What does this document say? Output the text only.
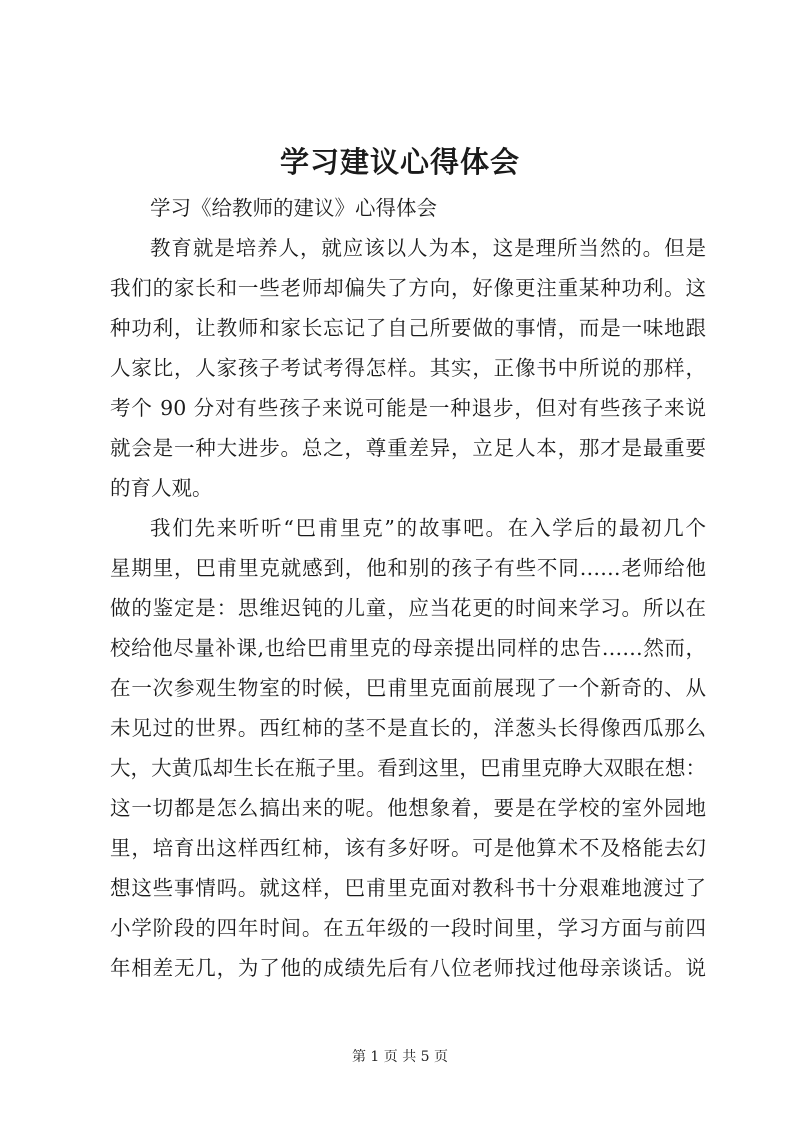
学习建议心得体会
学习《给教师的建议》心得体会
教育就是培养人，就应该以人为本，这是理所当然的。但是
我们的家长和一些老师却偏失了方向，好像更注重某种功利。这
种功利，让教师和家长忘记了自己所要做的事情，而是一味地跟
人家比，人家孩子考试考得怎样。其实，正像书中所说的那样，
考个 90 分对有些孩子来说可能是一种退步，但对有些孩子来说
就会是一种大进步。总之，尊重差异，立足人本，那才是最重要
的育人观。
我们先来听听“巴甫里克”的故事吧。在入学后的最初几个
星期里，巴甫里克就感到，他和别的孩子有些不同……老师给他
做的鉴定是：思维迟钝的儿童，应当花更的时间来学习。所以在
校给他尽量补课,也给巴甫里克的母亲提出同样的忠告……然而，
在一次参观生物室的时候，巴甫里克面前展现了一个新奇的、从
未见过的世界。西红柿的茎不是直长的，洋葱头长得像西瓜那么
大，大黄瓜却生长在瓶子里。看到这里，巴甫里克睁大双眼在想：
这一切都是怎么搞出来的呢。他想象着，要是在学校的室外园地
里，培育出这样西红柿，该有多好呀。可是他算术不及格能去幻
想这些事情吗。就这样，巴甫里克面对教科书十分艰难地渡过了
小学阶段的四年时间。在五年级的一段时间里，学习方面与前四
年相差无几，为了他的成绩先后有八位老师找过他母亲谈话。说
第 1 页 共 5 页
